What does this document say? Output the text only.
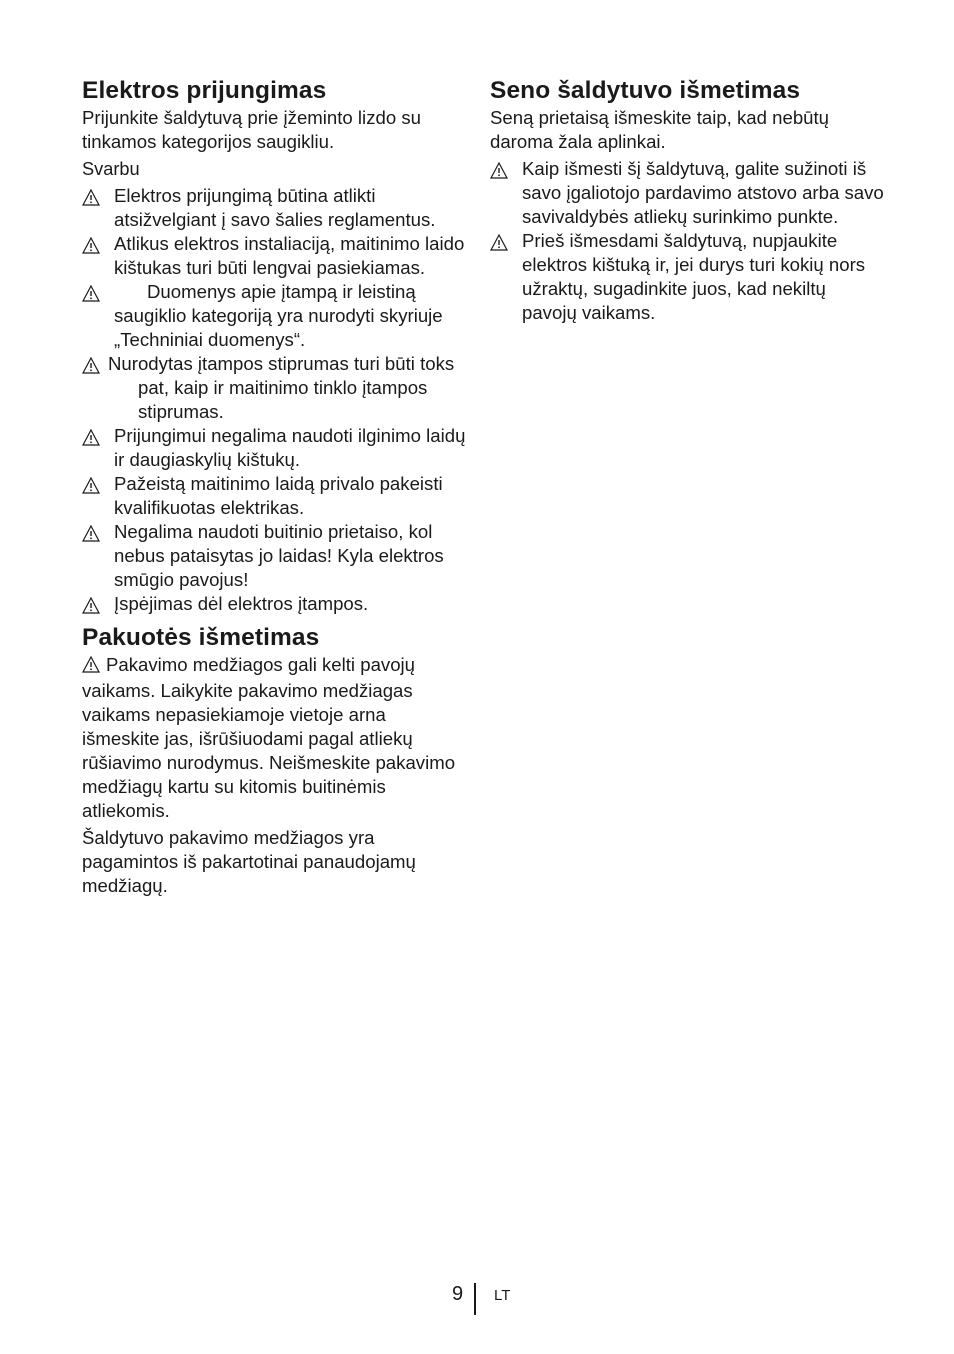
Elektros prijungimas

Prijunkite šaldytuvą prie įžeminto lizdo su tinkamos kategorijos saugikliu.

Svarbu

Elektros prijungimą būtina atlikti atsižvelgiant į savo šalies reglamentus.
Atlikus elektros instaliaciją, maitinimo laido kištukas turi būti lengvai pasiekiamas.
Duomenys apie įtampą ir leistiną saugiklio kategoriją yra nurodyti skyriuje „Techniniai duomenys“.
Nurodytas įtampos stiprumas turi būti toks pat, kaip ir maitinimo tinklo įtampos stiprumas.
Prijungimui negalima naudoti ilginimo laidų ir daugiaskylių kištukų.
Pažeistą maitinimo laidą privalo pakeisti kvalifikuotas elektrikas.
Negalima naudoti buitinio prietaiso, kol nebus pataisytas jo laidas! Kyla elektros smūgio pavojus!
Įspėjimas dėl elektros įtampos.
Pakuotės išmetimas

Pakavimo medžiagos gali kelti pavojų vaikams. Laikykite pakavimo medžiagas vaikams nepasiekiamoje vietoje arna išmeskite jas, išrūšiuodami pagal atliekų rūšiavimo nurodymus. Neišmeskite pakavimo medžiagų kartu su kitomis buitinėmis atliekomis.

Šaldytuvo pakavimo medžiagos yra pagamintos iš pakartotinai panaudojamų medžiagų.

Seno šaldytuvo išmetimas

Seną prietaisą išmeskite taip, kad nebūtų daroma žala aplinkai.

Kaip išmesti šį šaldytuvą, galite sužinoti iš savo įgaliotojo pardavimo atstovo arba savo savivaldybės atliekų surinkimo punkte.
Prieš išmesdami šaldytuvą, nupjaukite elektros kištuką ir, jei durys turi kokių nors užraktų, sugadinkite juos, kad nekiltų pavojų vaikams.
9 LT
